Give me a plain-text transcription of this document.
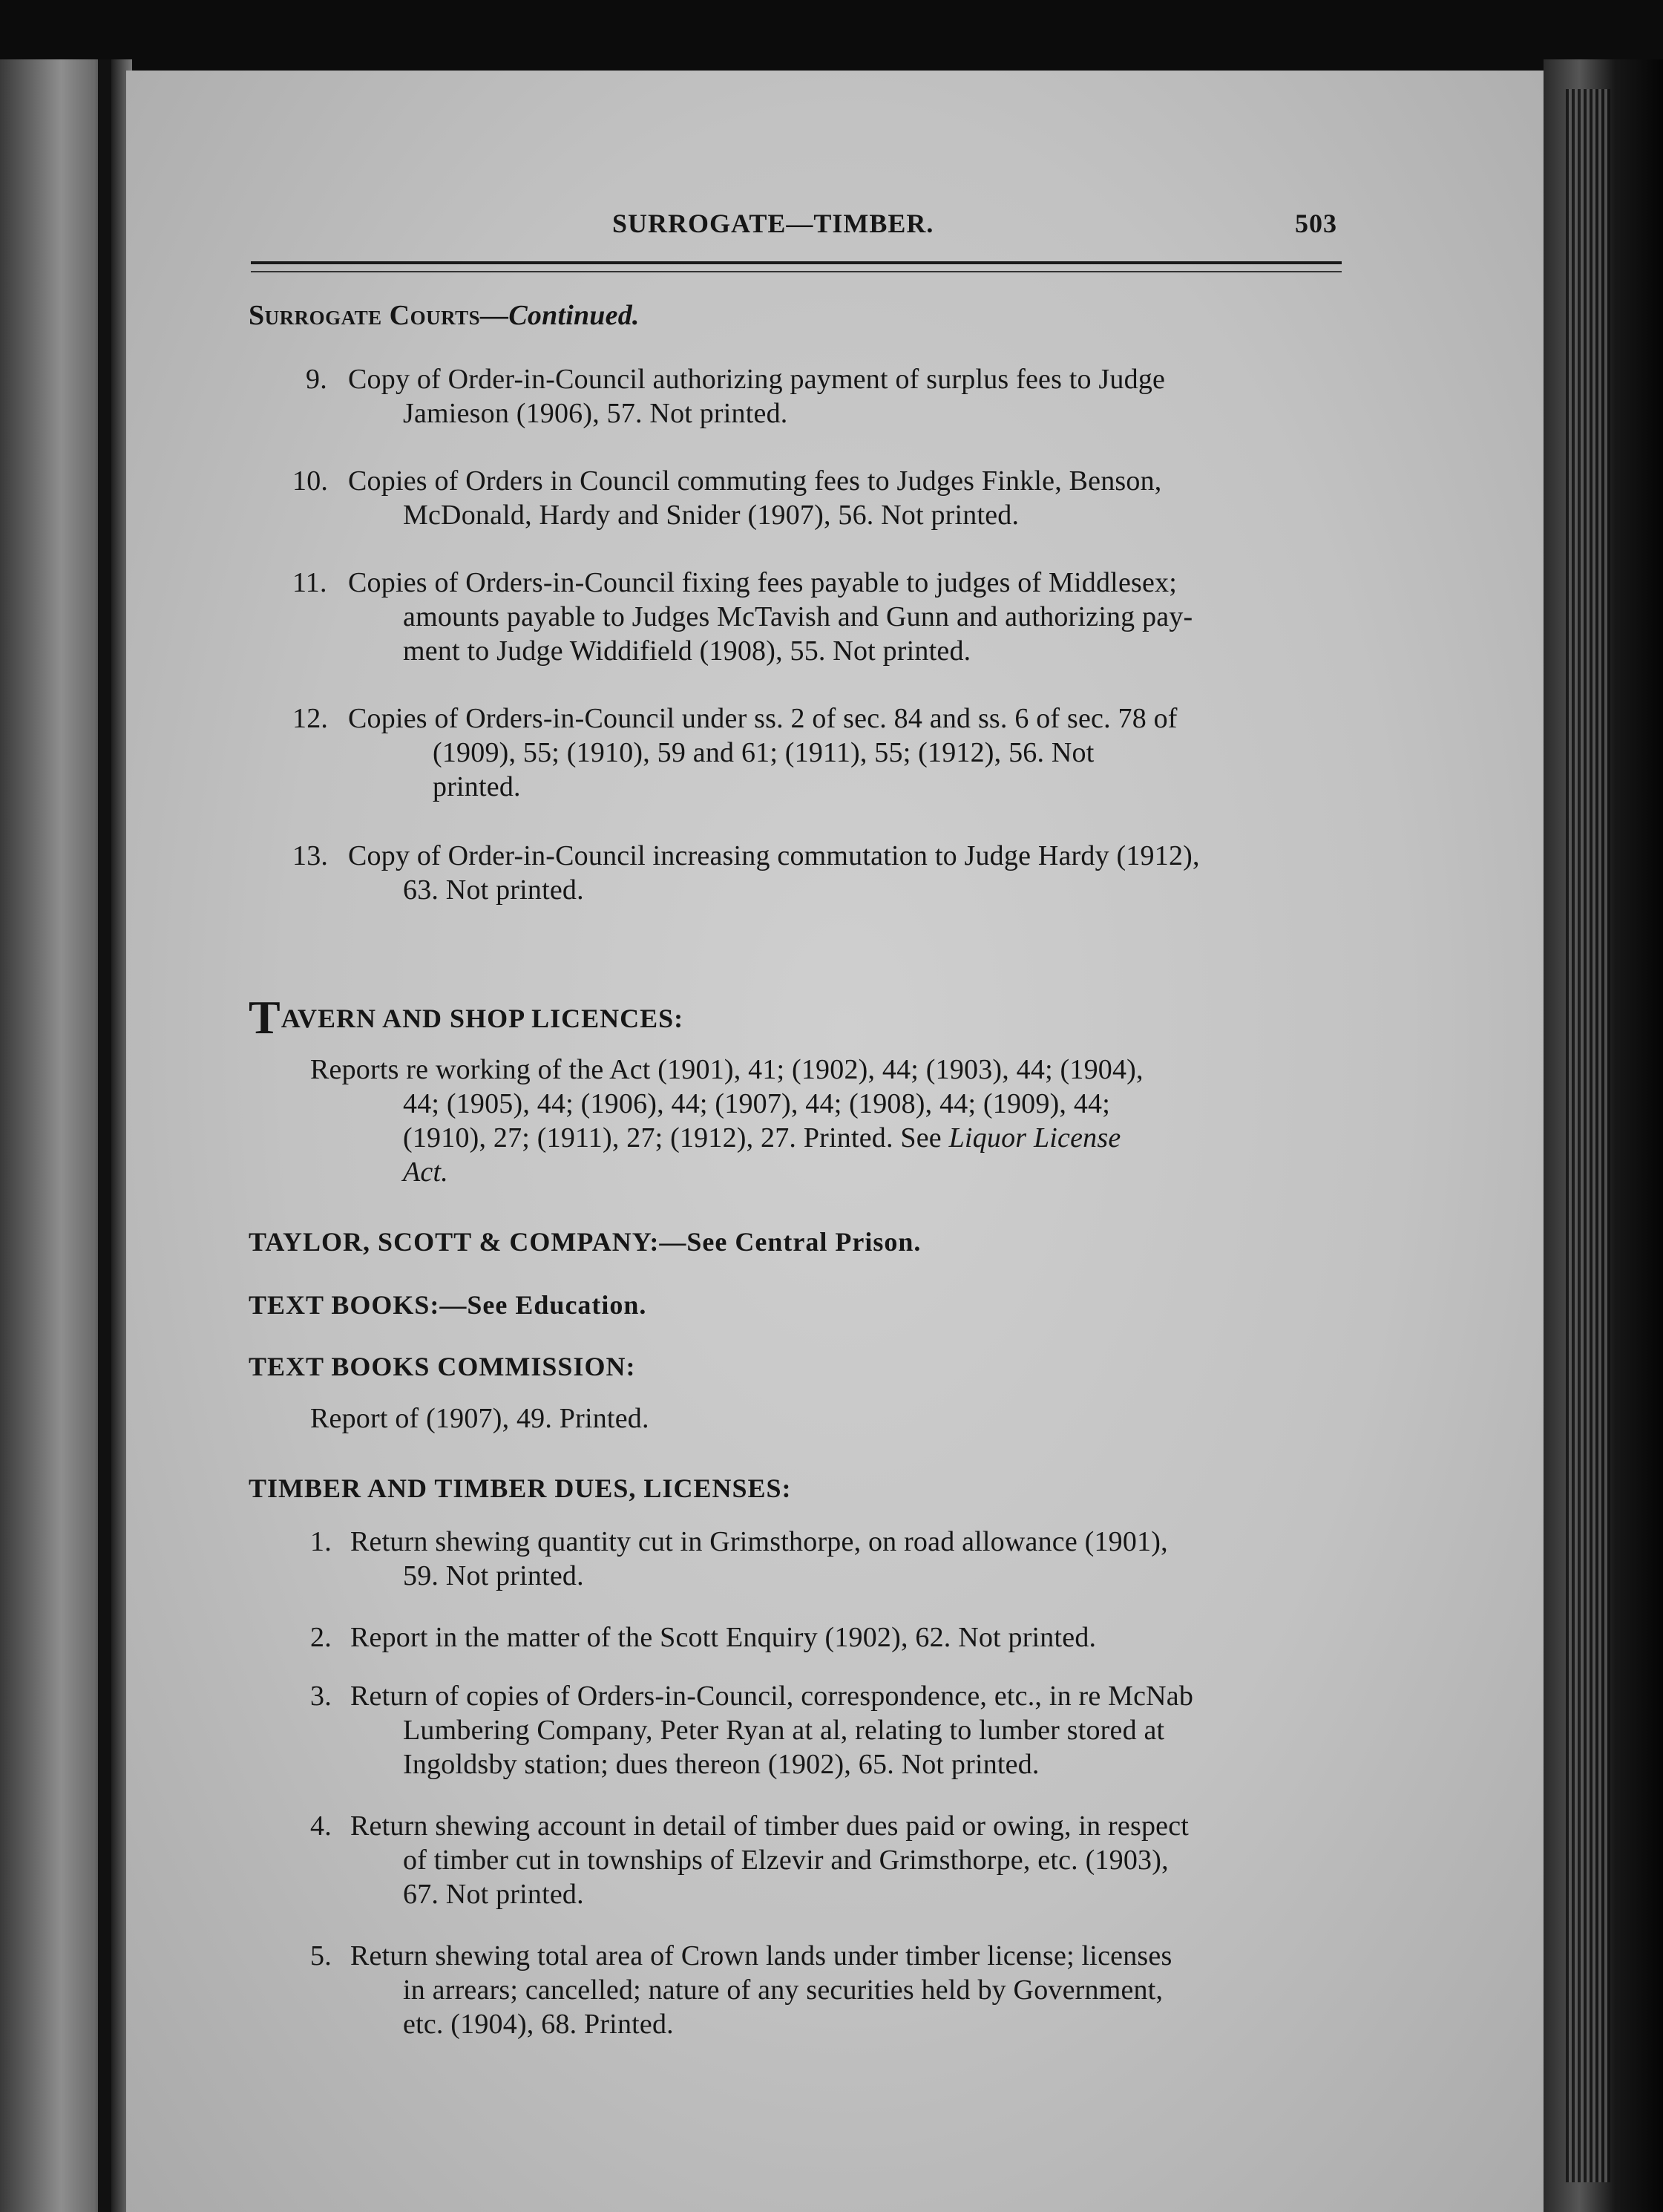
SURROGATE—TIMBER.	503
Surrogate Courts—Continued.
9. Copy of Order-in-Council authorizing payment of surplus fees to Judge
Jamieson (1906), 57. Not printed.
10. Copies of Orders in Council commuting fees to Judges Finkle, Benson,
McDonald, Hardy and Snider (1907), 56. Not printed.
11. Copies of Orders-in-Council fixing fees payable to judges of Middlesex;
amounts payable to Judges McTavish and Gunn and authorizing pay-
ment to Judge Widdifield (1908), 55. Not printed.
12. Copies of Orders-in-Council under ss. 2 of sec. 84 and ss. 6 of sec. 78 of
(1909), 55; (1910), 59 and 61; (1911), 55; (1912), 56. Not
printed.
13. Copy of Order-in-Council increasing commutation to Judge Hardy (1912),
63. Not printed.
TAVERN AND SHOP LICENCES:
Reports re working of the Act (1901), 41; (1902), 44; (1903), 44; (1904),
44; (1905), 44; (1906), 44; (1907), 44; (1908), 44; (1909), 44;
(1910), 27; (1911), 27; (1912), 27. Printed. See Liquor License
Act.
TAYLOR, SCOTT & COMPANY:—See Central Prison.
TEXT BOOKS:—See Education.
TEXT BOOKS COMMISSION:
Report of (1907), 49. Printed.
TIMBER AND TIMBER DUES, LICENSES:
1. Return shewing quantity cut in Grimsthorpe, on road allowance (1901),
59. Not printed.
2. Report in the matter of the Scott Enquiry (1902), 62. Not printed.
3. Return of copies of Orders-in-Council, correspondence, etc., in re McNab
Lumbering Company, Peter Ryan at al, relating to lumber stored at
Ingoldsby station; dues thereon (1902), 65. Not printed.
4. Return shewing account in detail of timber dues paid or owing, in respect
of timber cut in townships of Elzevir and Grimsthorpe, etc. (1903),
67. Not printed.
5. Return shewing total area of Crown lands under timber license; licenses
in arrears; cancelled; nature of any securities held by Government,
etc. (1904), 68. Printed.
